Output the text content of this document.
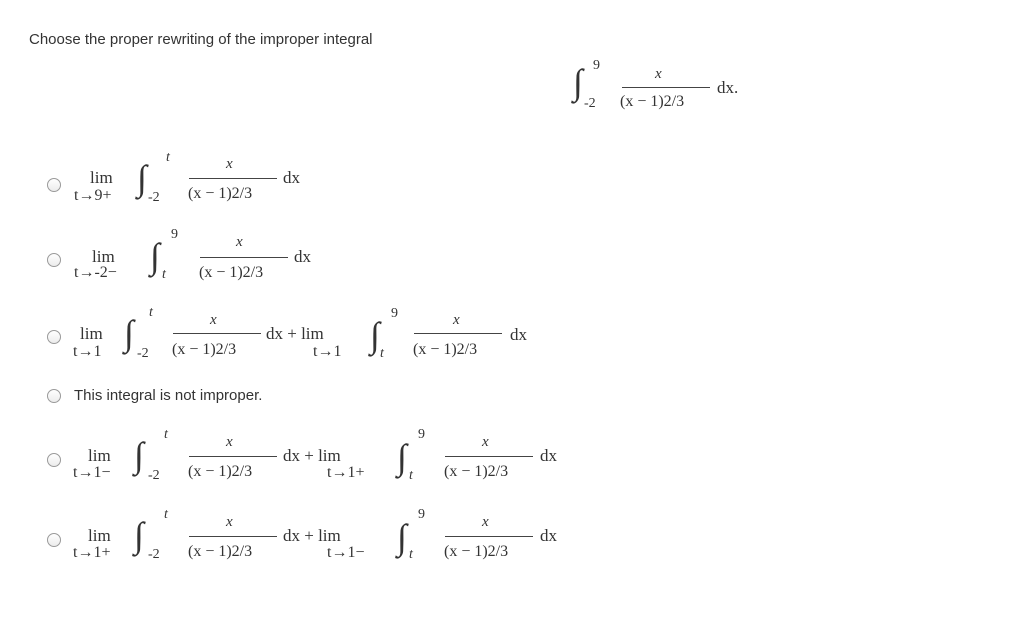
Choose the proper rewriting of the improper integral
∫ 9
-2
x
(x − 1)2/3
dx.
lim
t→9+ ∫
t
-2
x
(x − 1)2/3
dx
lim
t→-2− ∫
9
t
x
(x − 1)2/3
dx
lim
t→1 ∫
t
-2
x
(x − 1)2/3
dx + lim
t→1 ∫
9
t
x
(x − 1)2/3
dx
This integral is not improper.
lim
t→1− ∫
t
-2
x
(x − 1)2/3
dx + lim
t→1+ ∫
9
t
x
(x − 1)2/3
dx
lim
t→1+ ∫
t
-2
x
(x − 1)2/3
dx + lim
t→1− ∫
9
t
x
(x − 1)2/3
dx
